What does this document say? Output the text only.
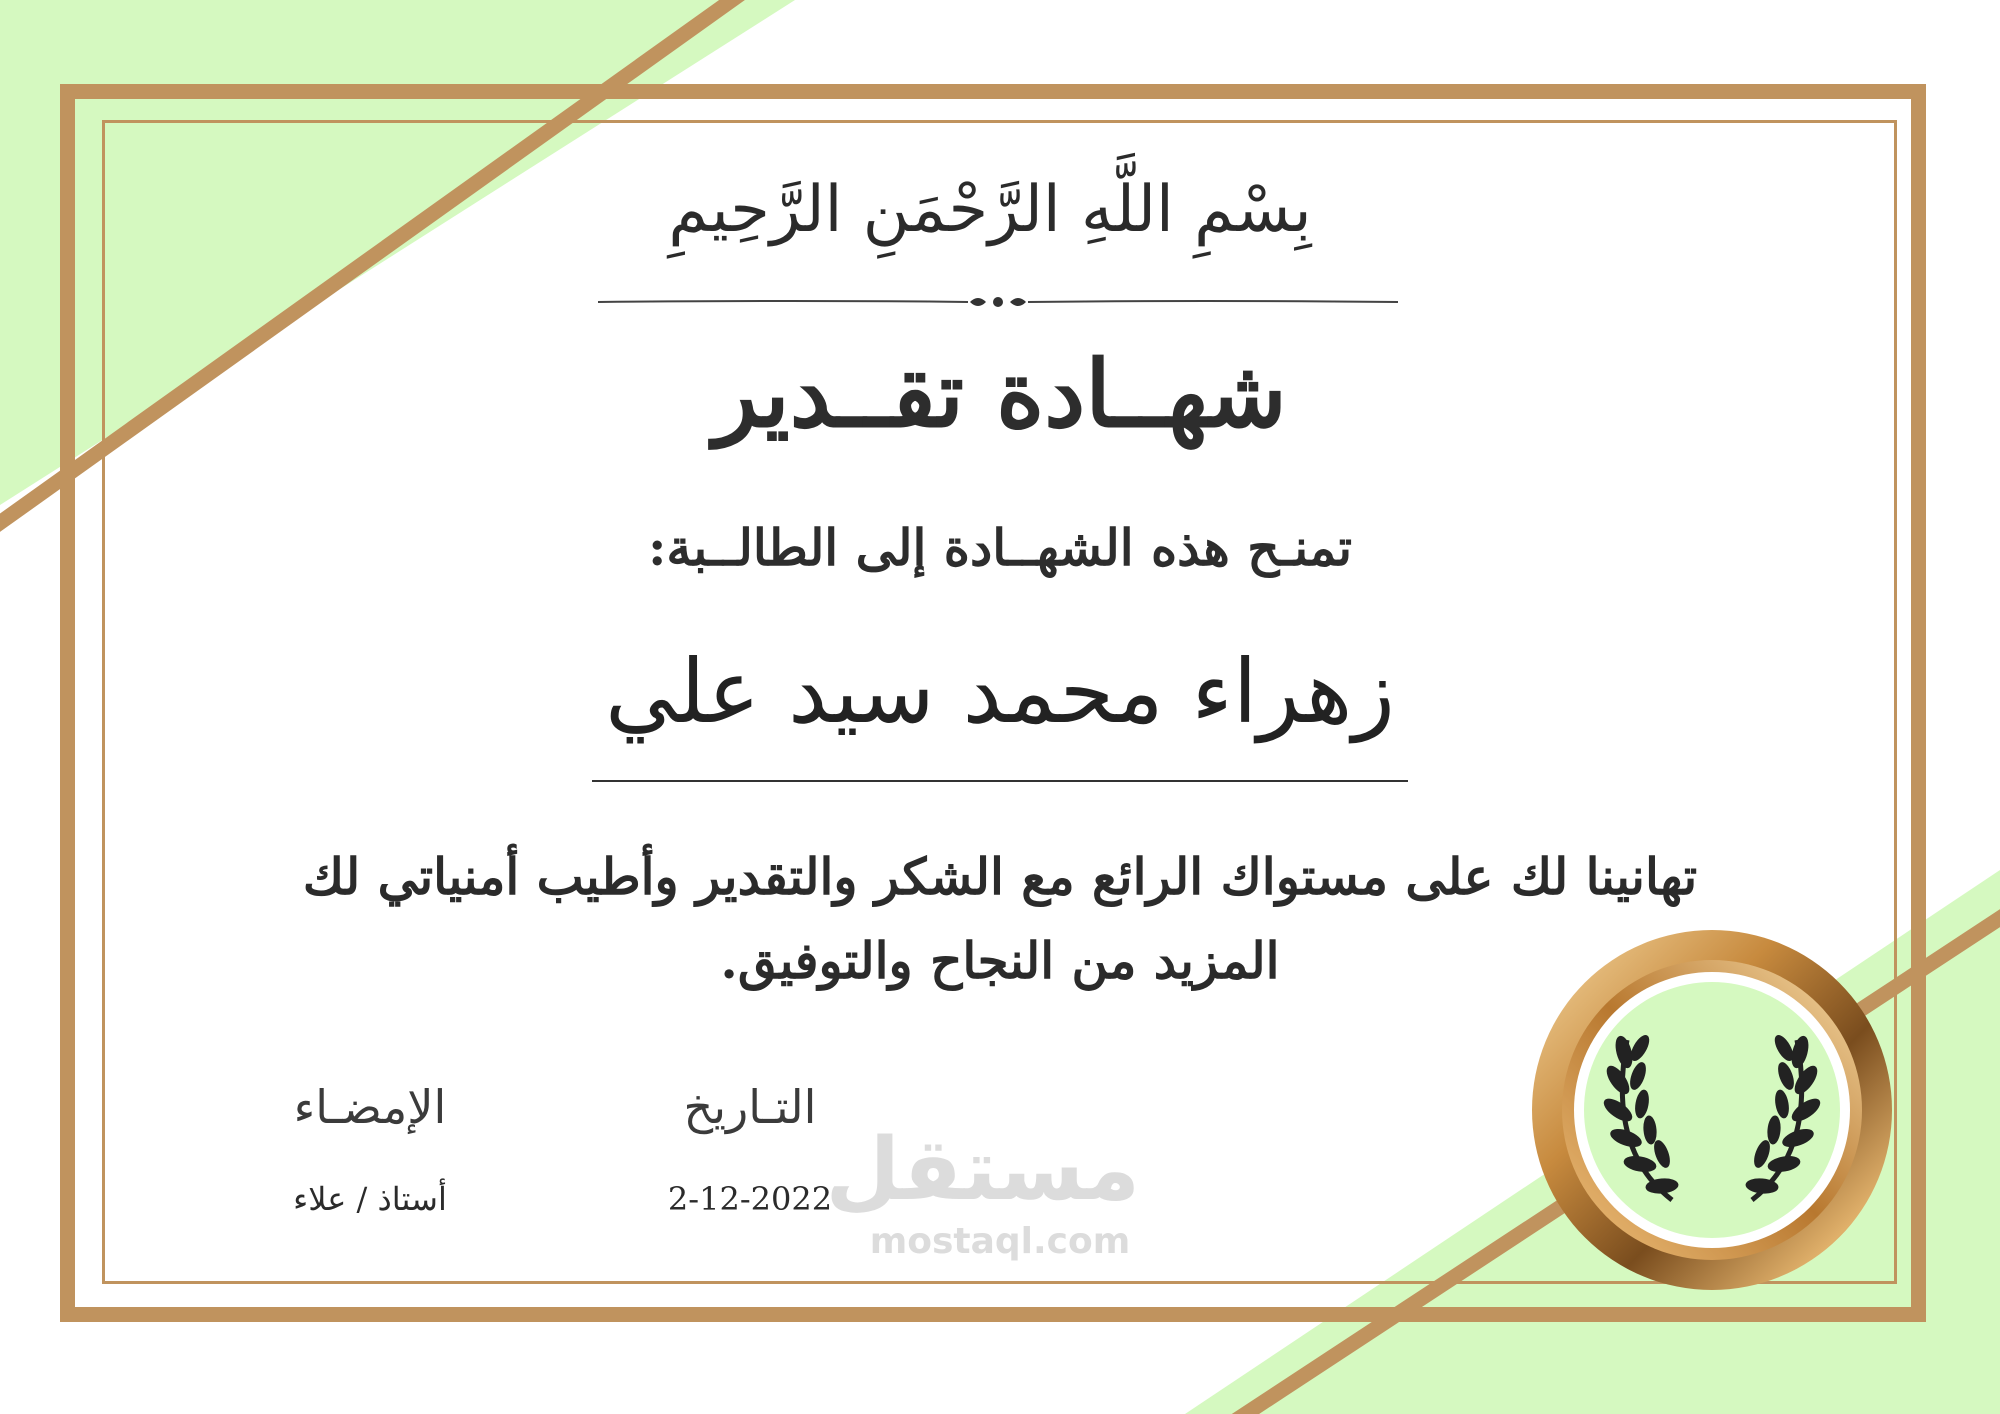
بِسْمِ اللَّهِ الرَّحْمَنِ الرَّحِيمِ
شهــادة تقــدير
تمنـح هذه الشهــادة إلى الطالــبة:
زهراء محمد سيد علي
تهانينا لك على مستواك الرائع مع الشكر والتقدير وأطيب أمنياتي لك المزيد من النجاح والتوفيق.
الإمضـاء
أستاذ / علاء
التـاريخ
2-12-2022
مستقل
mostaql.com
